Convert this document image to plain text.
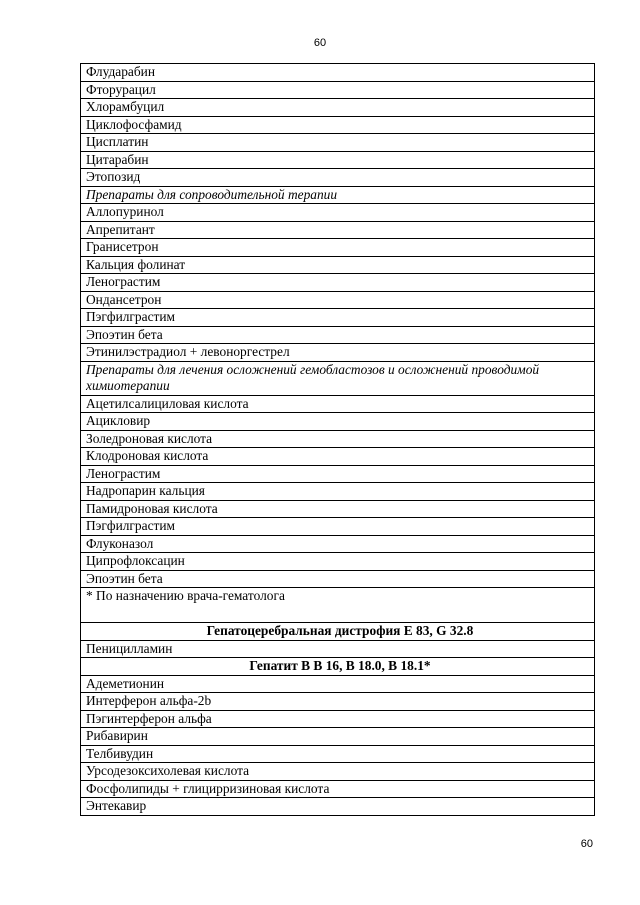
60
Флударабин
Фторурацил
Хлорамбуцил
Циклофосфамид
Цисплатин
Цитарабин
Этопозид
Препараты для сопроводительной терапии
Аллопуринол
Апрепитант
Гранисетрон
Кальция фолинат
Ленограстим
Ондансетрон
Пэгфилграстим
Эпоэтин бета
Этинилэстрадиол + левоноргестрел
Препараты для лечения осложнений гемобластозов и осложнений проводимой химиотерапии
Ацетилсалициловая кислота
Ацикловир
Золедроновая кислота
Клодроновая кислота
Ленограстим
Надропарин кальция
Памидроновая кислота
Пэгфилграстим
Флуконазол
Ципрофлоксацин
Эпоэтин бета
* По назначению врача-гематолога
Гепатоцеребральная дистрофия E 83, G 32.8
Пеницилламин
Гепатит В В 16, В 18.0, В 18.1*
Адеметионин
Интерферон альфа-2b
Пэгинтерферон альфа
Рибавирин
Телбивудин
Урсодезоксихолевая кислота
Фосфолипиды + глицирризиновая кислота
Энтекавир
60
